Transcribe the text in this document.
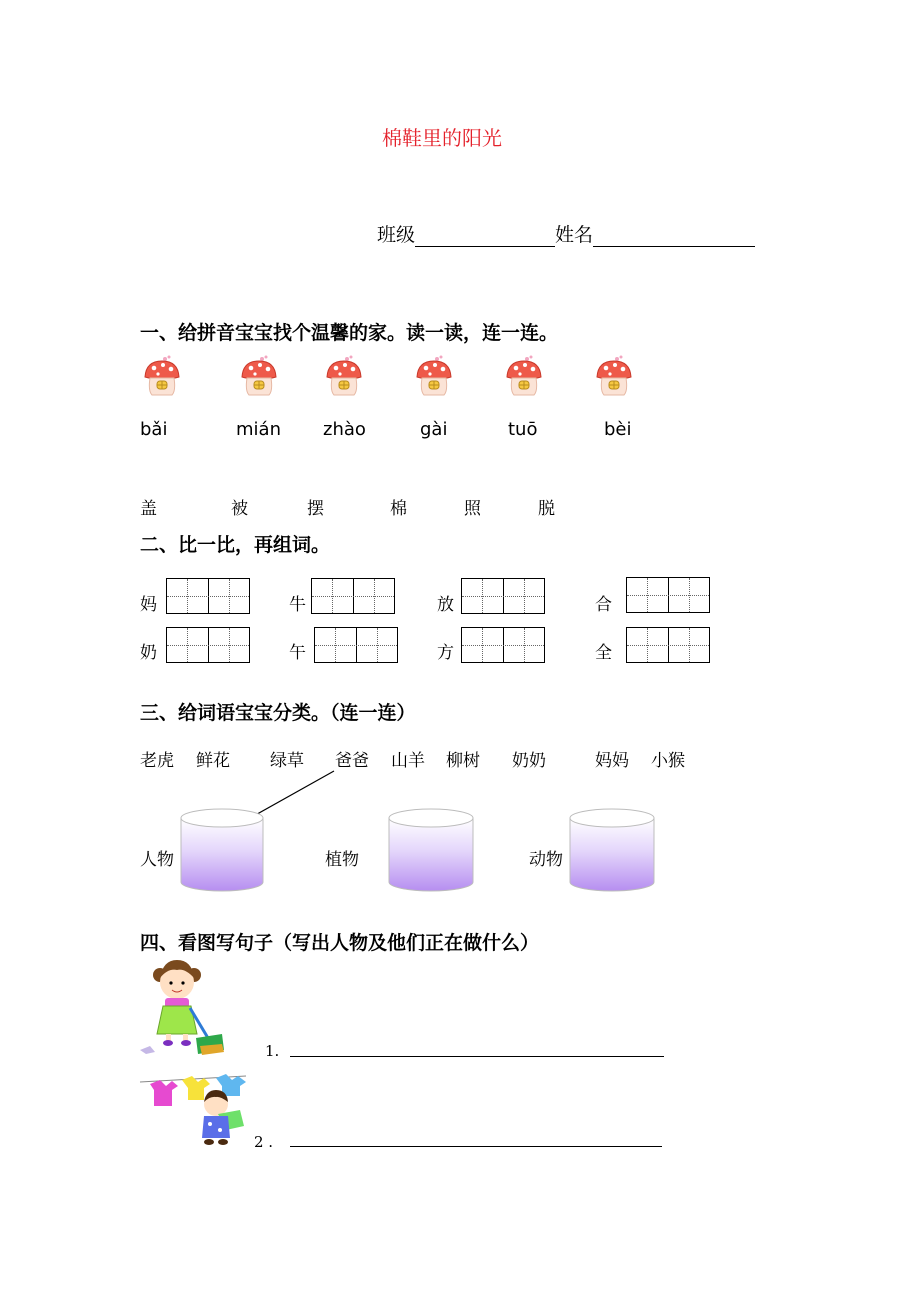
棉鞋里的阳光
班级	姓名
一、给拼音宝宝找个温馨的家。读一读，连一连。
bǎi	mián zhào	gài	tuō	bèi
盖	被	摆	棉	照	脱
二、比一比，再组词。
妈	牛	放	合
奶	午	方	全
三、给词语宝宝分类。（连一连）
老虎 鲜花 绿草 爸爸 山羊 柳树 奶奶	妈妈 小猴
人物	植物	动物
四、看图写句子（写出人物及他们正在做什么）
1.
2 .
